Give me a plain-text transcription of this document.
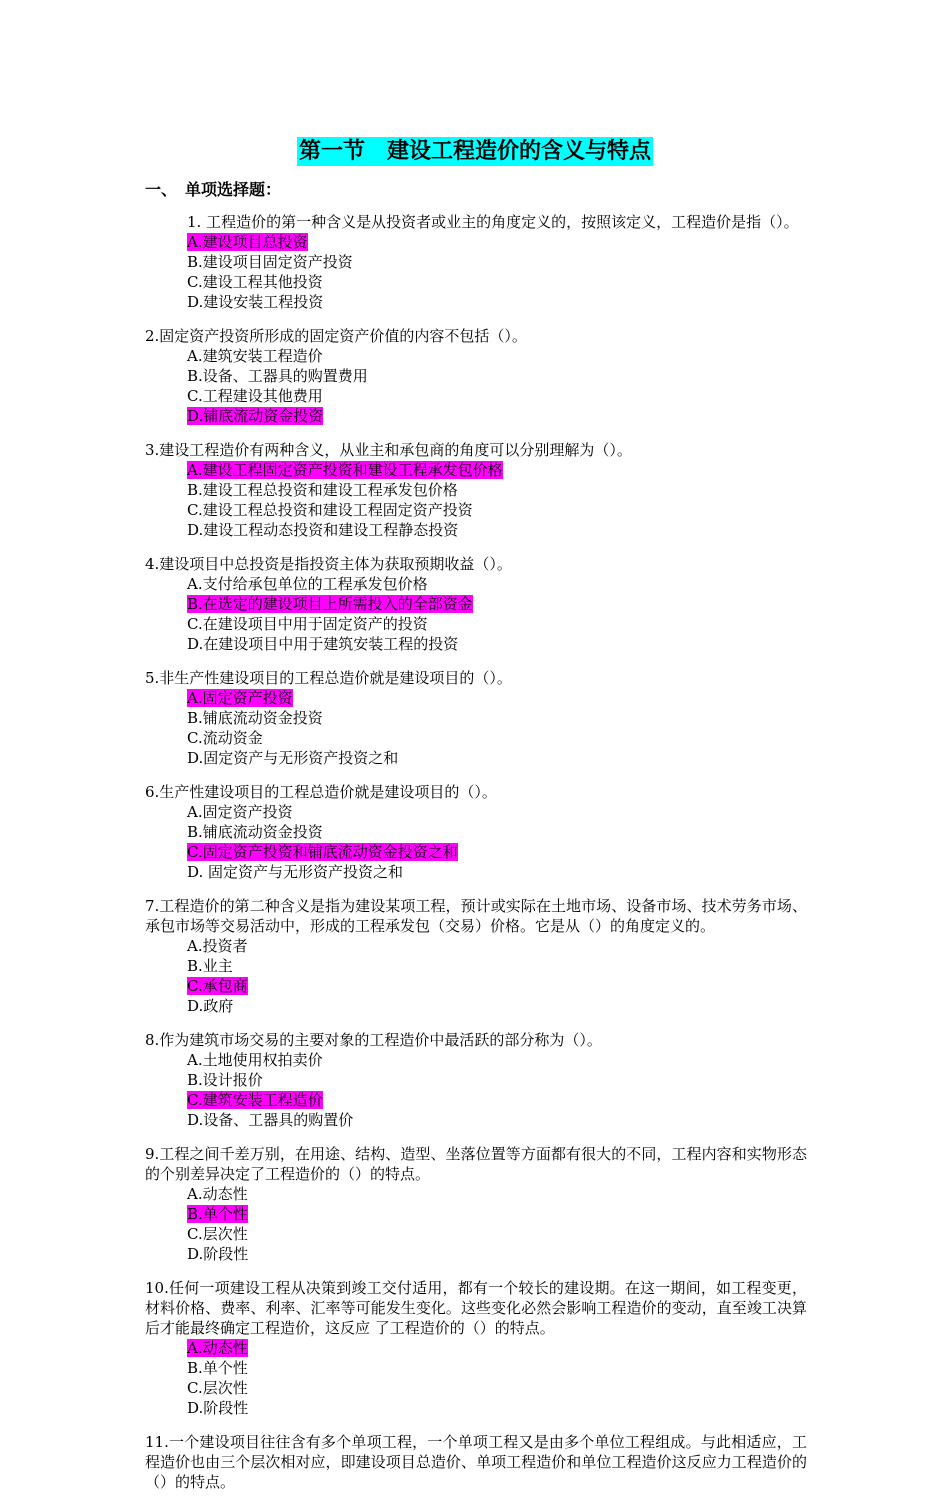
第一节　建设工程造价的含义与特点
一、　单项选择题：
1. 工程造价的第一种含义是从投资者或业主的角度定义的，按照该定义，工程造价是指（）。
A.建设项目总投资
B.建设项目固定资产投资
C.建设工程其他投资
D.建设安装工程投资
2.固定资产投资所形成的固定资产价值的内容不包括（）。
A.建筑安装工程造价
B.设备、工器具的购置费用
C.工程建设其他费用
D.铺底流动资金投资
3.建设工程造价有两种含义，从业主和承包商的角度可以分别理解为（）。
A.建设工程固定资产投资和建设工程承发包价格
B.建设工程总投资和建设工程承发包价格
C.建设工程总投资和建设工程固定资产投资
D.建设工程动态投资和建设工程静态投资
4.建设项目中总投资是指投资主体为获取预期收益（）。
A.支付给承包单位的工程承发包价格
B.在选定的建设项目上所需投入的全部资金
C.在建设项目中用于固定资产的投资
D.在建设项目中用于建筑安装工程的投资
5.非生产性建设项目的工程总造价就是建设项目的（）。
A.固定资产投资
B.铺底流动资金投资
C.流动资金
D.固定资产与无形资产投资之和
6.生产性建设项目的工程总造价就是建设项目的（）。
A.固定资产投资
B.铺底流动资金投资
C.固定资产投资和铺底流动资金投资之和
D. 固定资产与无形资产投资之和
7.工程造价的第二种含义是指为建设某项工程，预计或实际在土地市场、设备市场、技术劳务市场、承包市场等交易活动中，形成的工程承发包（交易）价格。它是从（）的角度定义的。
A.投资者
B.业主
C.承包商
D.政府
8.作为建筑市场交易的主要对象的工程造价中最活跃的部分称为（）。
A.土地使用权拍卖价
B.设计报价
C.建筑安装工程造价
D.设备、工器具的购置价
9.工程之间千差万别，在用途、结构、造型、坐落位置等方面都有很大的不同，工程内容和实物形态的个别差异决定了工程造价的（）的特点。
A.动态性
B.单个性
C.层次性
D.阶段性
10.任何一项建设工程从决策到竣工交付适用，都有一个较长的建设期。在这一期间，如工程变更，材料价格、费率、利率、汇率等可能发生变化。这些变化必然会影响工程造价的变动，直至竣工决算后才能最终确定工程造价，这反应 了工程造价的（）的特点。
A.动态性
B.单个性
C.层次性
D.阶段性
11.一个建设项目往往含有多个单项工程，一个单项工程又是由多个单位工程组成。与此相适应，工程造价也由三个层次相对应，即建设项目总造价、单项工程造价和单位工程造价这反应力工程造价的（）的特点。
